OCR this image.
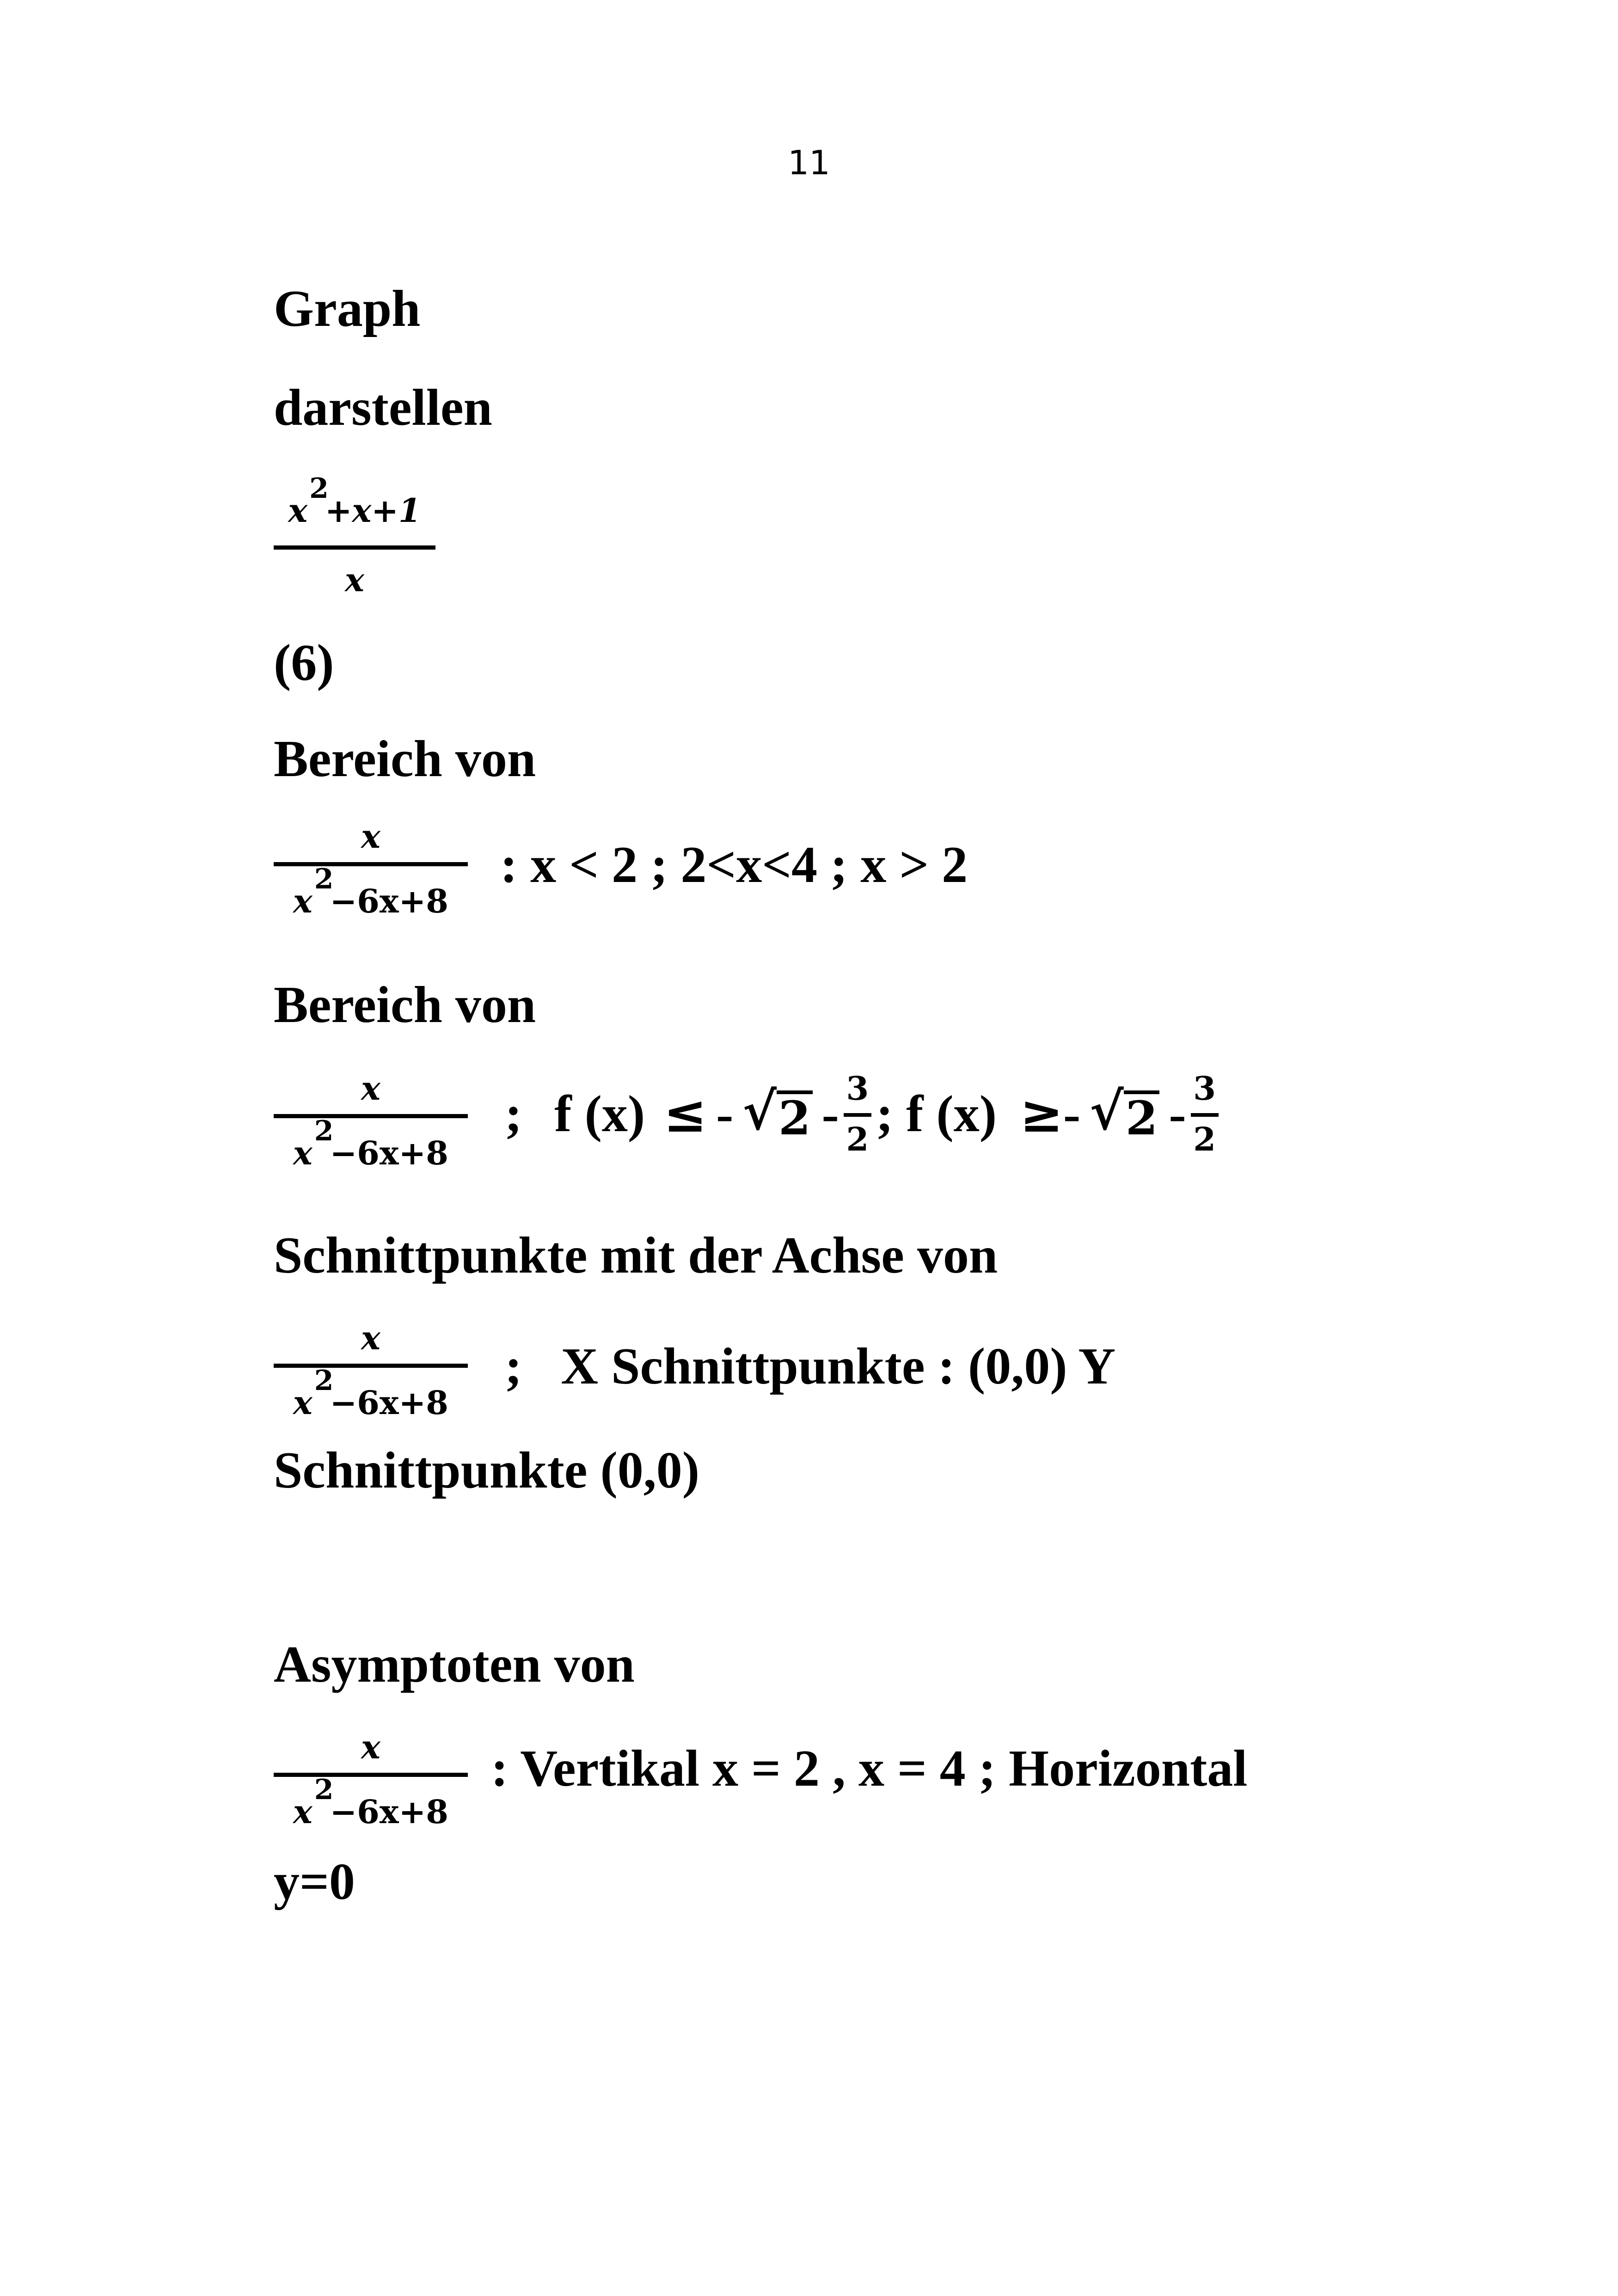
11
Graph
darstellen
x2+x+1
x
(6)
Bereich von
x
x2−6x+8
: x < 2 ; 2<x<4 ; x > 2
Bereich von
x
x2−6x+8
; f (x) ≤ - √ 2 - 3
2 ; f (x) ≥ - √ 2 - 3
2
Schnittpunkte mit der Achse von
x
x2−6x+8
;   X Schnittpunkte : (0,0) Y
Schnittpunkte (0,0)
Asymptoten von
x
x2−6x+8
: Vertikal x = 2 , x = 4 ; Horizontal
y=0
